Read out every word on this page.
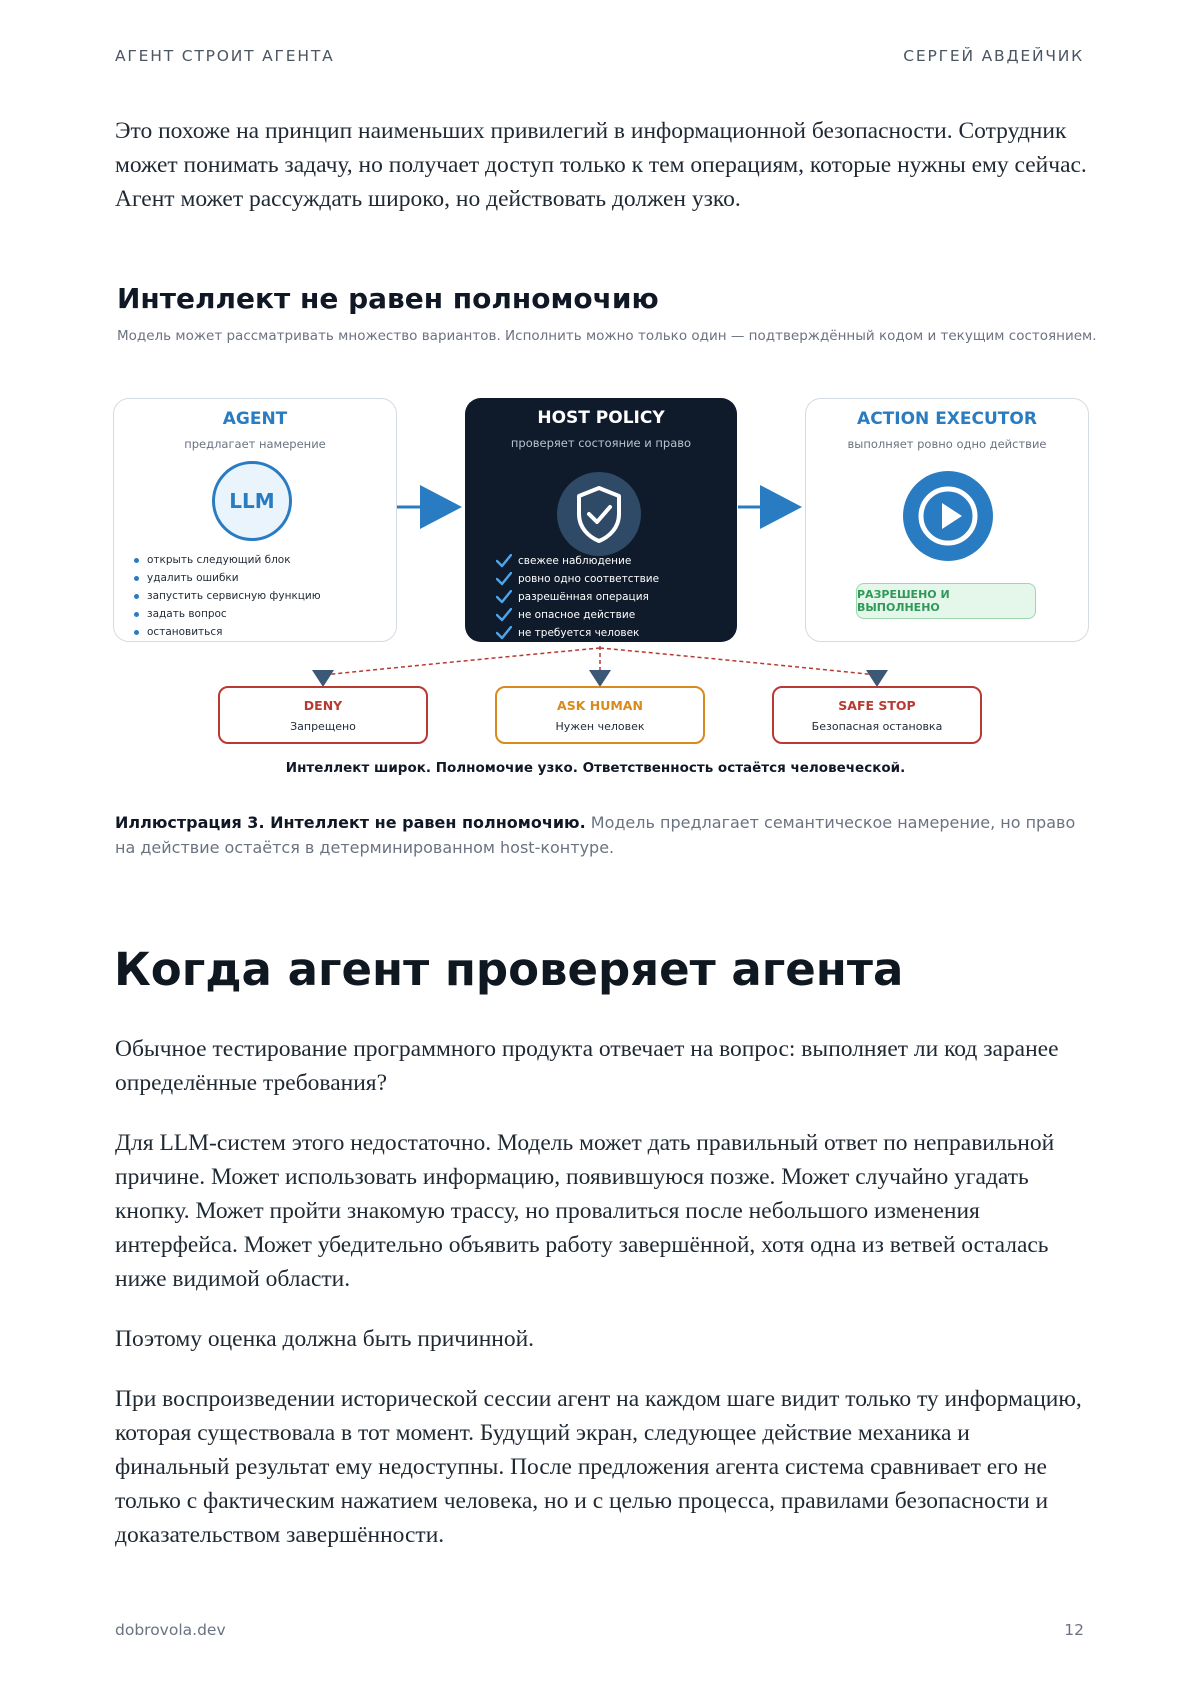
АГЕНТ СТРОИТ АГЕНТА	СЕРГЕЙ АВДЕЙЧИК

Это похоже на принцип наименьших привилегий в информационной безопасности. Сотрудник может понимать задачу, но получает доступ только к тем операциям, которые нужны ему сейчас. Агент может рассуждать широко, но действовать должен узко.

Интеллект не равен полномочию

Модель может рассматривать множество вариантов. Исполнить можно только один — подтверждённый кодом и текущим состоянием.

AGENT
предлагает намерение
LLM
открыть следующий блок
удалить ошибки
запустить сервисную функцию
задать вопрос
остановиться
HOST POLICY
проверяет состояние и право
свежее наблюдение
ровно одно соответствие
разрешённая операция
не опасное действие
не требуется человек
ACTION EXECUTOR
выполняет ровно одно действие
РАЗРЕШЕНО И ВЫПОЛНЕНО
DENY
Запрещено
ASK HUMAN
Нужен человек
SAFE STOP
Безопасная остановка

Интеллект широк. Полномочие узко. Ответственность остаётся человеческой.

Иллюстрация 3. Интеллект не равен полномочию. Модель предлагает семантическое намерение, но право на действие остаётся в детерминированном host-контуре.

Когда агент проверяет агента

Обычное тестирование программного продукта отвечает на вопрос: выполняет ли код заранее определённые требования?

Для LLM-систем этого недостаточно. Модель может дать правильный ответ по неправильной причине. Может использовать информацию, появившуюся позже. Может случайно угадать кнопку. Может пройти знакомую трассу, но провалиться после небольшого изменения интерфейса. Может убедительно объявить работу завершённой, хотя одна из ветвей осталась ниже видимой области.

Поэтому оценка должна быть причинной.

При воспроизведении исторической сессии агент на каждом шаге видит только ту информацию, которая существовала в тот момент. Будущий экран, следующее действие механика и финальный результат ему недоступны. После предложения агента система сравнивает его не только с фактическим нажатием человека, но и с целью процесса, правилами безопасности и доказательством завершённости.

dobrovola.dev	12
